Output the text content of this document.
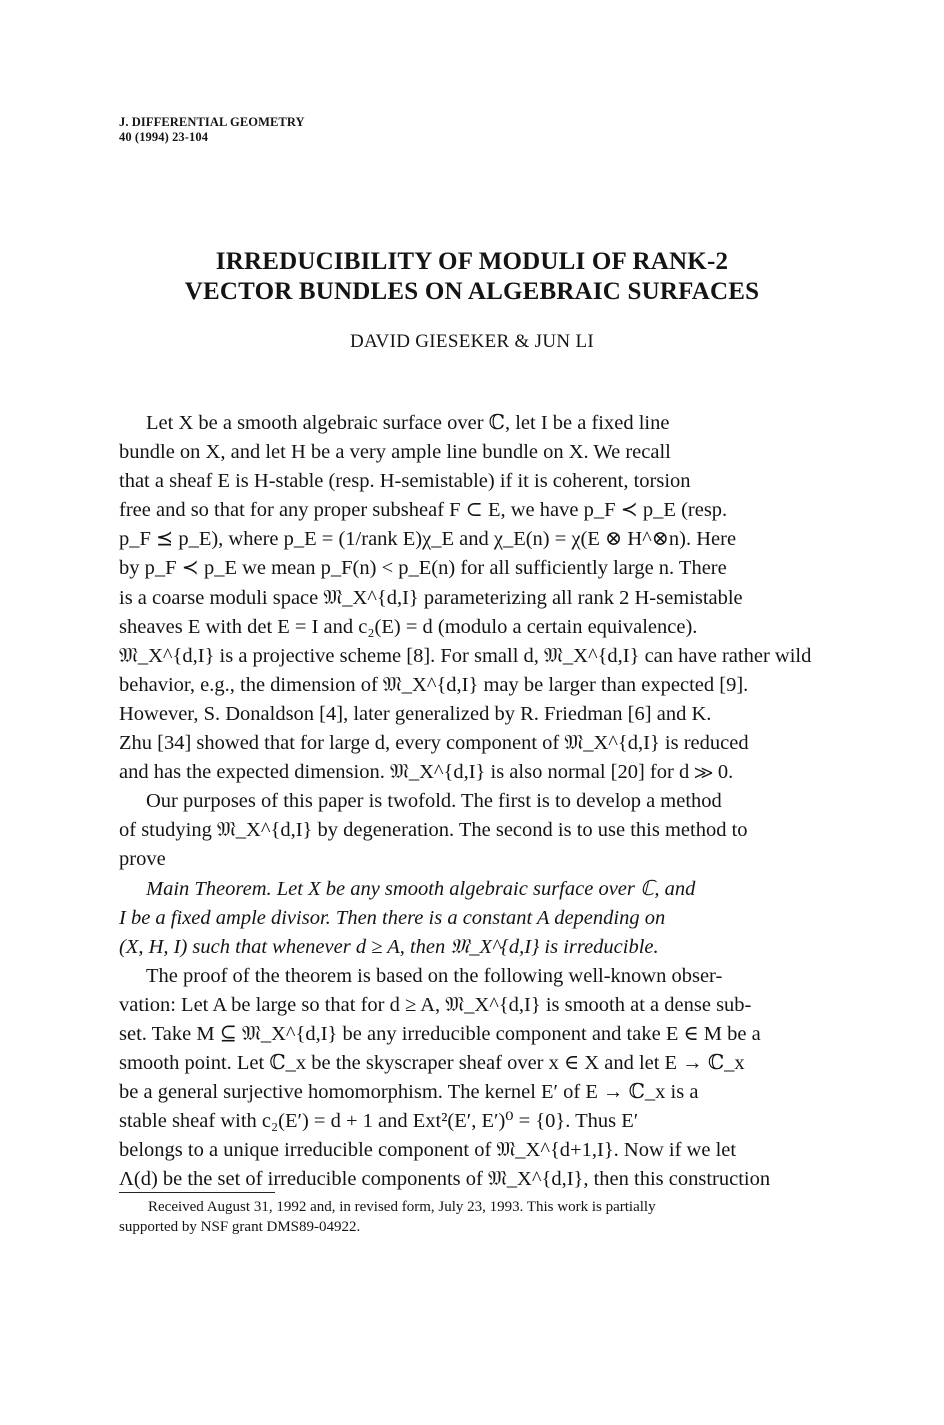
J. DIFFERENTIAL GEOMETRY
40 (1994) 23-104
IRREDUCIBILITY OF MODULI OF RANK-2
VECTOR BUNDLES ON ALGEBRAIC SURFACES
DAVID GIESEKER & JUN LI
Let X be a smooth algebraic surface over ℂ, let I be a fixed line
bundle on X, and let H be a very ample line bundle on X. We recall
that a sheaf E is H-stable (resp. H-semistable) if it is coherent, torsion
free and so that for any proper subsheaf F ⊂ E, we have p_F ≺ p_E (resp.
p_F ⪯ p_E), where p_E = (1/rank E)χ_E and χ_E(n) = χ(E ⊗ H^⊗n). Here
by p_F ≺ p_E we mean p_F(n) < p_E(n) for all sufficiently large n. There
is a coarse moduli space 𝔐_X^{d,I} parameterizing all rank 2 H-semistable
sheaves E with det E = I and c₂(E) = d (modulo a certain equivalence).
𝔐_X^{d,I} is a projective scheme [8]. For small d, 𝔐_X^{d,I} can have rather wild
behavior, e.g., the dimension of 𝔐_X^{d,I} may be larger than expected [9].
However, S. Donaldson [4], later generalized by R. Friedman [6] and K.
Zhu [34] showed that for large d, every component of 𝔐_X^{d,I} is reduced
and has the expected dimension. 𝔐_X^{d,I} is also normal [20] for d ≫ 0.
Our purposes of this paper is twofold. The first is to develop a method
of studying 𝔐_X^{d,I} by degeneration. The second is to use this method to
prove
Main Theorem. Let X be any smooth algebraic surface over ℂ, and
I be a fixed ample divisor. Then there is a constant A depending on
(X, H, I) such that whenever d ≥ A, then 𝔐_X^{d,I} is irreducible.
The proof of the theorem is based on the following well-known obser-
vation: Let A be large so that for d ≥ A, 𝔐_X^{d,I} is smooth at a dense sub-
set. Take M ⊆ 𝔐_X^{d,I} be any irreducible component and take E ∈ M be a
smooth point. Let ℂ_x be the skyscraper sheaf over x ∈ X and let E → ℂ_x
be a general surjective homomorphism. The kernel E′ of E → ℂ_x is a
stable sheaf with c₂(E′) = d + 1 and Ext²(E′, E′)⁰ = {0}. Thus E′
belongs to a unique irreducible component of 𝔐_X^{d+1,I}. Now if we let
Λ(d) be the set of irreducible components of 𝔐_X^{d,I}, then this construction
Received August 31, 1992 and, in revised form, July 23, 1993. This work is partially
supported by NSF grant DMS89-04922.
